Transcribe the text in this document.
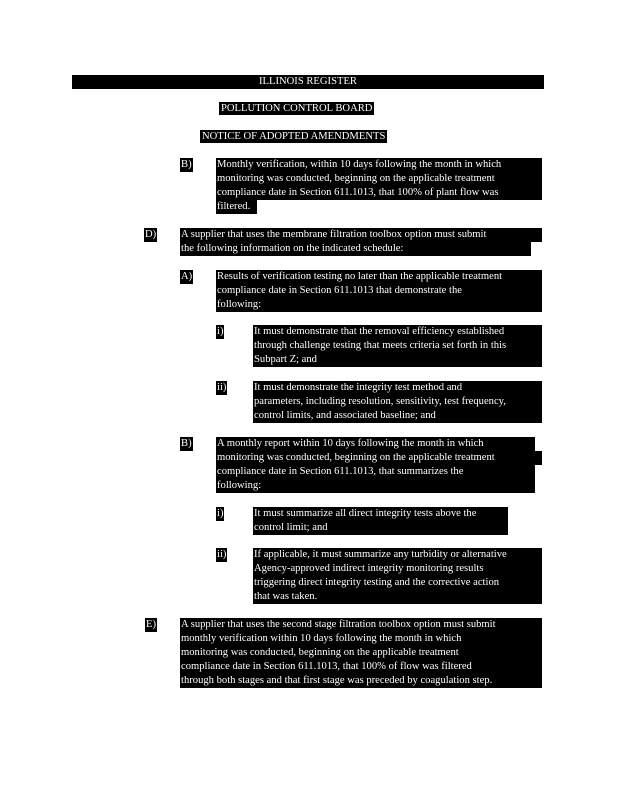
ILLINOIS REGISTER
POLLUTION CONTROL BOARD
NOTICE OF ADOPTED AMENDMENTS
B) Monthly verification, within 10 days following the month in which
monitoring was conducted, beginning on the applicable treatment
compliance date in Section 611.1013, that 100% of plant flow was
filtered.
D) A supplier that uses the membrane filtration toolbox option must submit
the following information on the indicated schedule:
A) Results of verification testing no later than the applicable treatment
compliance date in Section 611.1013 that demonstrate the
following:
i)	It must demonstrate that the removal efficiency established
through challenge testing that meets criteria set forth in this
Subpart Z; and
ii)	It must demonstrate the integrity test method and
parameters, including resolution, sensitivity, test frequency,
control limits, and associated baseline; and
B) A monthly report within 10 days following the month in which
monitoring was conducted, beginning on the applicable treatment
compliance date in Section 611.1013, that summarizes the
following:
i)	It must summarize all direct integrity tests above the
control limit; and
ii)	If applicable, it must summarize any turbidity or alternative
Agency-approved indirect integrity monitoring results
triggering direct integrity testing and the corrective action
that was taken.
E) A supplier that uses the second stage filtration toolbox option must submit
monthly verification within 10 days following the month in which
monitoring was conducted, beginning on the applicable treatment
compliance date in Section 611.1013, that 100% of flow was filtered
through both stages and that first stage was preceded by coagulation step.
